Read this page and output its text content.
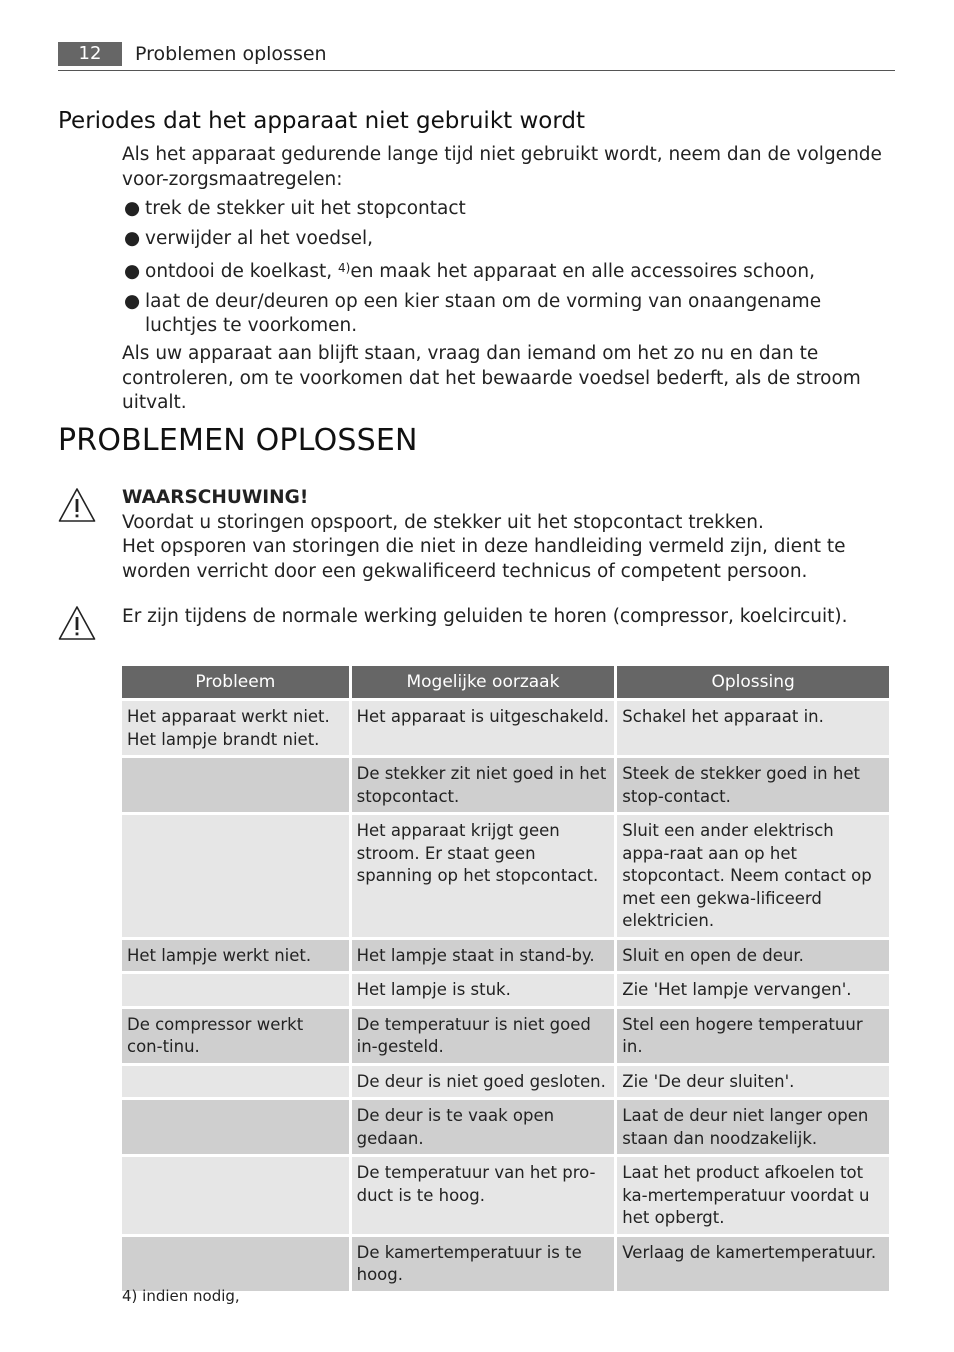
12	Problemen oplossen
Periodes dat het apparaat niet gebruikt wordt
Als het apparaat gedurende lange tijd niet gebruikt wordt, neem dan de volgende voor-zorgsmaatregelen:
● trek de stekker uit het stopcontact
● verwijder al het voedsel,
● ontdooi de koelkast, $^{4)}$en maak het apparaat en alle accessoires schoon,
● laat de deur/deuren op een kier staan om de vorming van onaangename luchtjes te voorkomen.
Als uw apparaat aan blijft staan, vraag dan iemand om het zo nu en dan te controleren, om te voorkomen dat het bewaarde voedsel bederft, als de stroom uitvalt.
PROBLEMEN OPLOSSEN
WAARSCHUWING!
Voordat u storingen opspoort, de stekker uit het stopcontact trekken.
Het opsporen van storingen die niet in deze handleiding vermeld zijn, dient te worden verricht door een gekwalificeerd technicus of competent persoon.
Er zijn tijdens de normale werking geluiden te horen (compressor, koelcircuit).
Probleem	Mogelijke oorzaak	Oplossing
Het apparaat werkt niet. Het lampje brandt niet.	Het apparaat is uitgeschakeld.	Schakel het apparaat in.
	De stekker zit niet goed in het stopcontact.	Steek de stekker goed in het stop-contact.
	Het apparaat krijgt geen stroom. Er staat geen spanning op het stopcontact.	Sluit een ander elektrisch appa-raat aan op het stopcontact. Neem contact op met een gekwa-lificeerd elektricien.
Het lampje werkt niet.	Het lampje staat in stand-by.	Sluit en open de deur.
	Het lampje is stuk.	Zie 'Het lampje vervangen'.
De compressor werkt con-tinu.	De temperatuur is niet goed in-gesteld.	Stel een hogere temperatuur in.
	De deur is niet goed gesloten.	Zie 'De deur sluiten'.
	De deur is te vaak open gedaan.	Laat de deur niet langer open staan dan noodzakelijk.
	De temperatuur van het pro-duct is te hoog.	Laat het product afkoelen tot ka-mertemperatuur voordat u het opbergt.
	De kamertemperatuur is te hoog.	Verlaag de kamertemperatuur.
4) indien nodig,
